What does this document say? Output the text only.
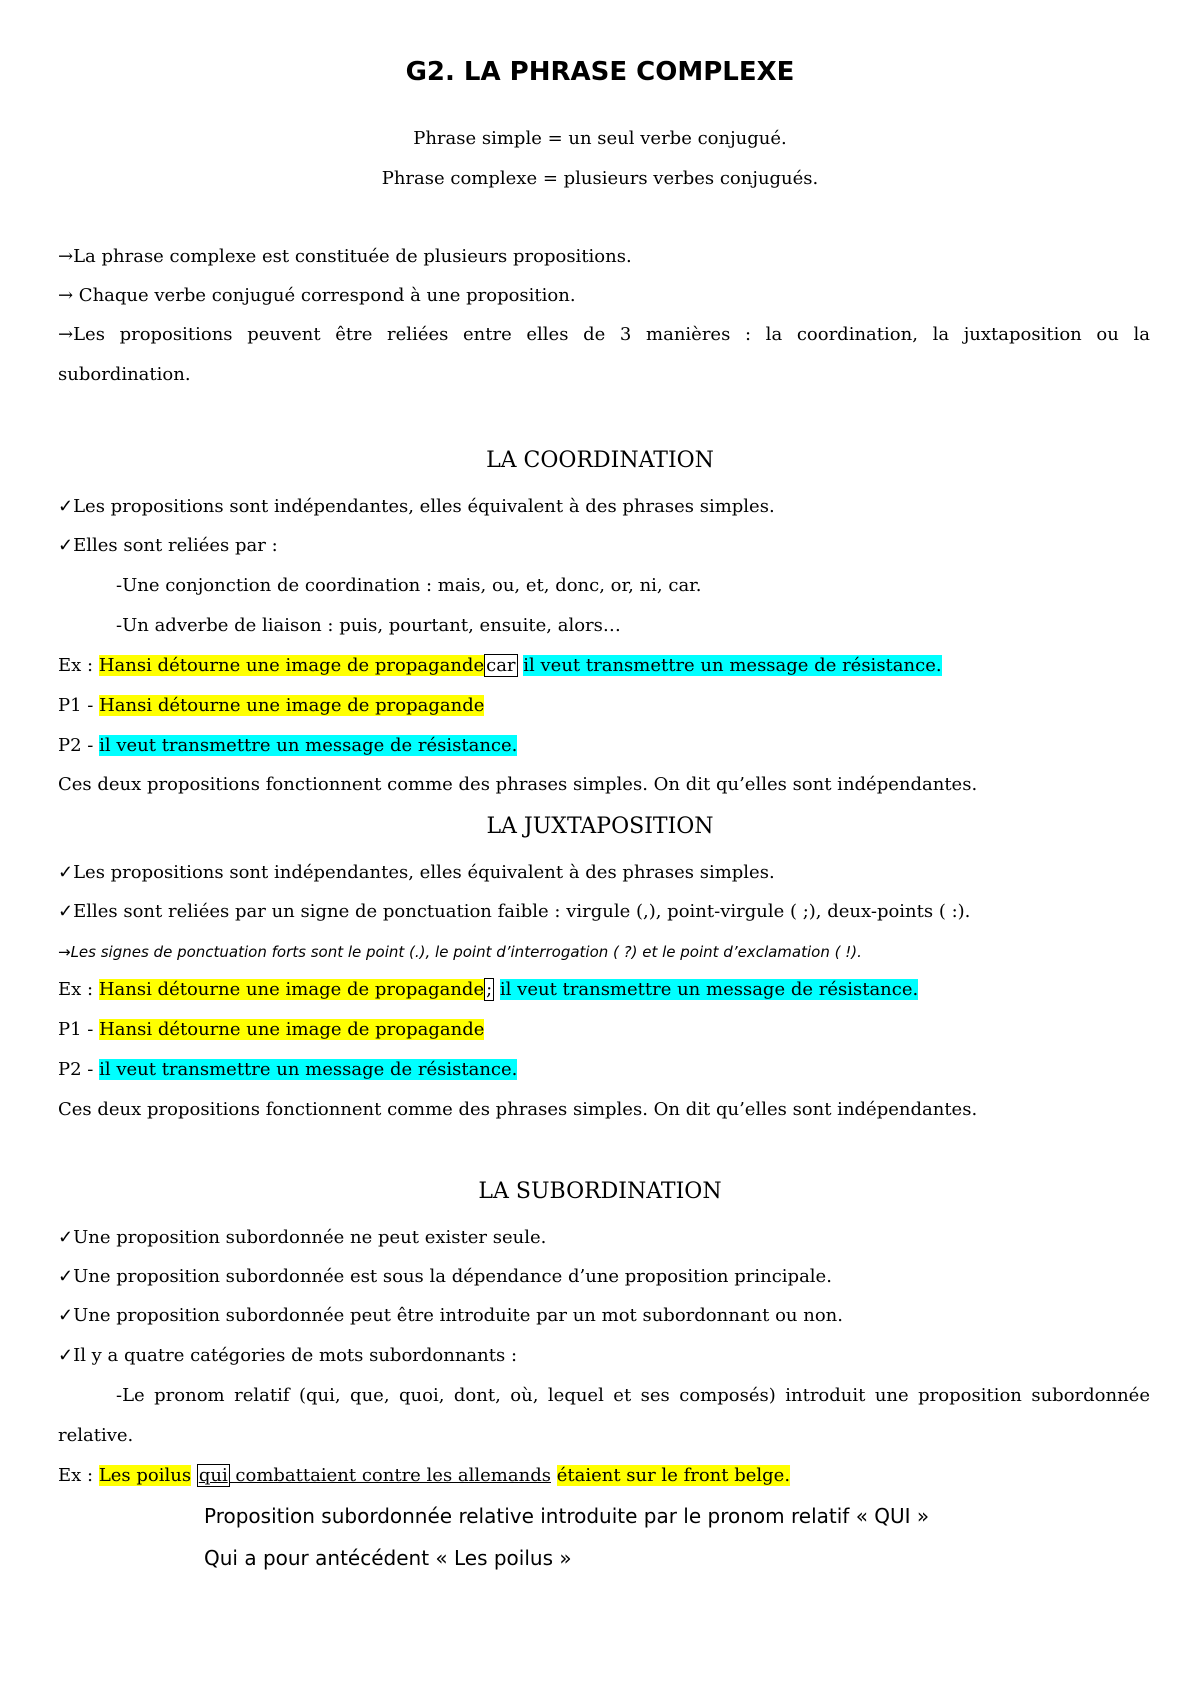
G2. LA PHRASE COMPLEXE
Phrase simple = un seul verbe conjugué.
Phrase complexe = plusieurs verbes conjugués.
→La phrase complexe est constituée de plusieurs propositions.
→ Chaque verbe conjugué correspond à une proposition.
→Les propositions peuvent être reliées entre elles de 3 manières : la coordination, la juxtaposition ou la
subordination.
LA COORDINATION
✓Les propositions sont indépendantes, elles équivalent à des phrases simples.
✓Elles sont reliées par :
-Une conjonction de coordination : mais, ou, et, donc, or, ni, car.
-Un adverbe de liaison : puis, pourtant, ensuite, alors…
Ex : Hansi détourne une image de propagande car il veut transmettre un message de résistance.
P1 - Hansi détourne une image de propagande
P2 - il veut transmettre un message de résistance.
Ces deux propositions fonctionnent comme des phrases simples. On dit qu’elles sont indépendantes.
LA JUXTAPOSITION
✓Les propositions sont indépendantes, elles équivalent à des phrases simples.
✓Elles sont reliées par un signe de ponctuation faible : virgule (,), point-virgule ( ;), deux-points ( :).
→Les signes de ponctuation forts sont le point (.), le point d’interrogation ( ?) et le point d’exclamation ( !).
Ex : Hansi détourne une image de propagande ; il veut transmettre un message de résistance.
P1 - Hansi détourne une image de propagande
P2 - il veut transmettre un message de résistance.
Ces deux propositions fonctionnent comme des phrases simples. On dit qu’elles sont indépendantes.
LA SUBORDINATION
✓Une proposition subordonnée ne peut exister seule.
✓Une proposition subordonnée est sous la dépendance d’une proposition principale.
✓Une proposition subordonnée peut être introduite par un mot subordonnant ou non.
✓Il y a quatre catégories de mots subordonnants :
-Le pronom relatif (qui, que, quoi, dont, où, lequel et ses composés) introduit une proposition subordonnée
relative.
Ex : Les poilus qui combattaient contre les allemands étaient sur le front belge.
Proposition subordonnée relative introduite par le pronom relatif « QUI »
Qui a pour antécédent « Les poilus »
